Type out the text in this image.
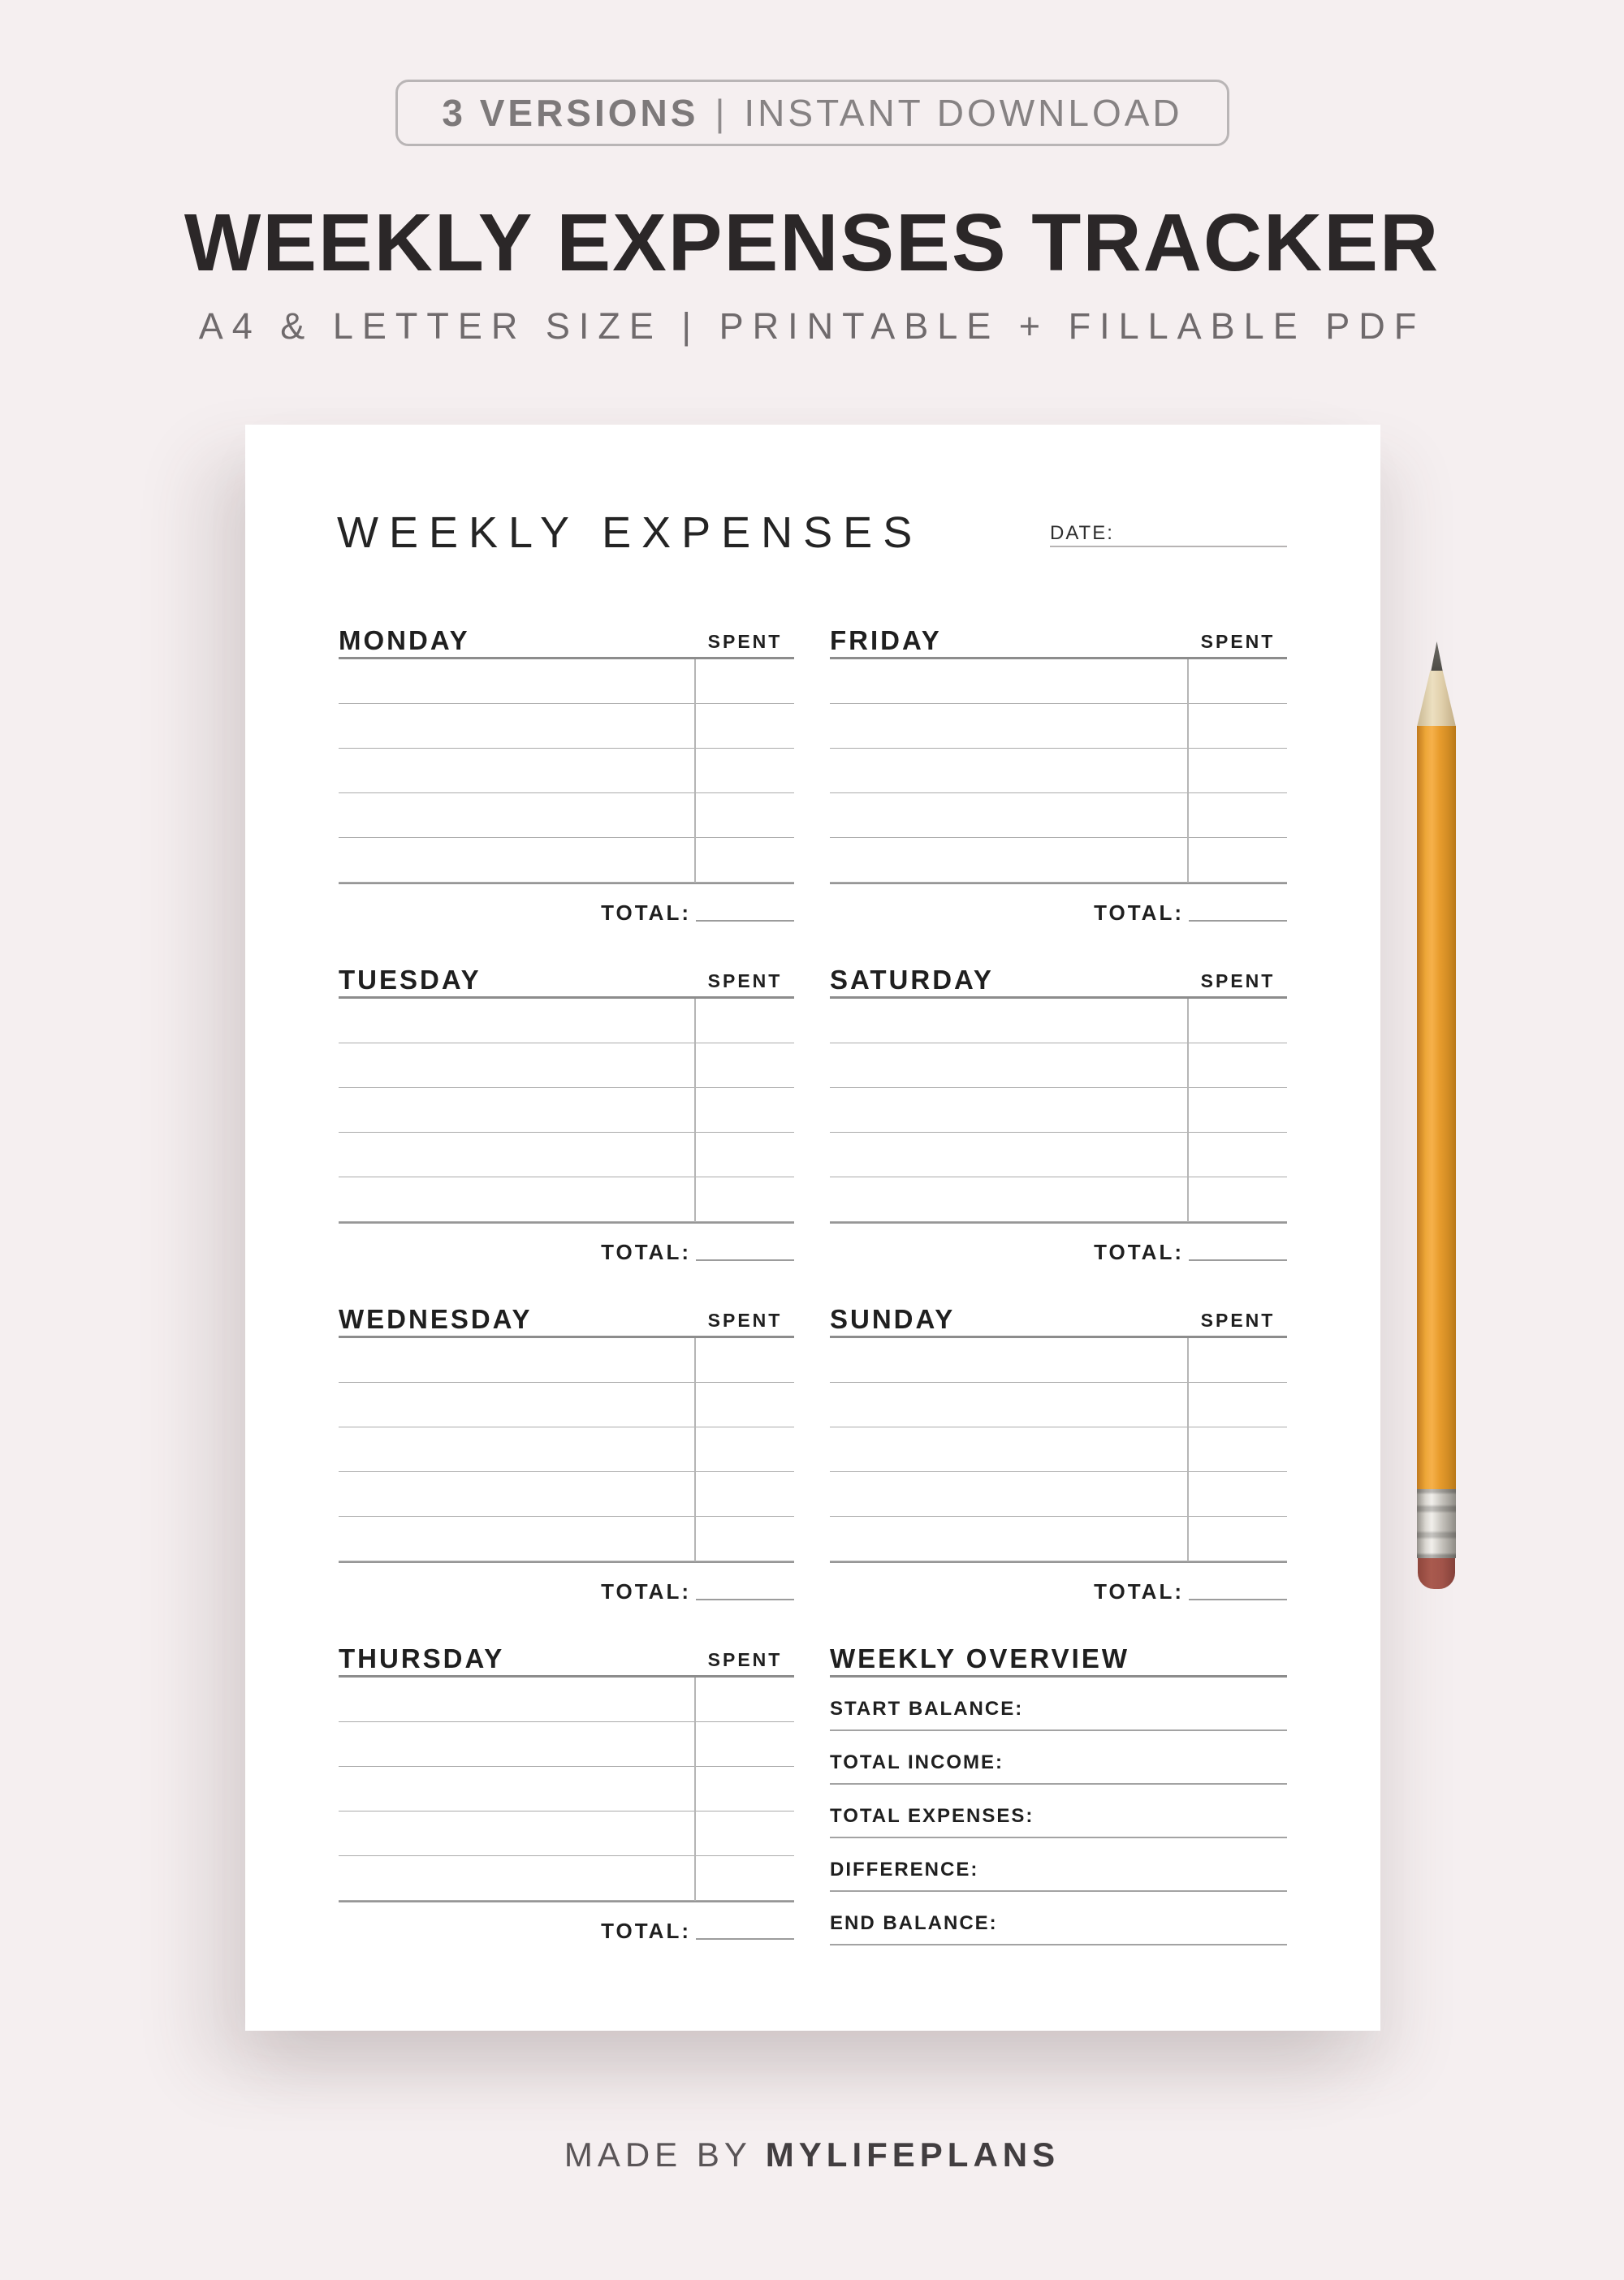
3 VERSIONS | INSTANT DOWNLOAD
WEEKLY EXPENSES TRACKER
A4 & LETTER SIZE | PRINTABLE + FILLABLE PDF
WEEKLY EXPENSES	DATE:
MONDAY	SPENT
TOTAL:
TUESDAY	SPENT
TOTAL:
WEDNESDAY	SPENT
TOTAL:
THURSDAY	SPENT
TOTAL:
FRIDAY	SPENT
TOTAL:
SATURDAY	SPENT
TOTAL:
SUNDAY	SPENT
TOTAL:
WEEKLY OVERVIEW
START BALANCE:
TOTAL INCOME:
TOTAL EXPENSES:
DIFFERENCE:
END BALANCE:
MADE BY MYLIFEPLANS
